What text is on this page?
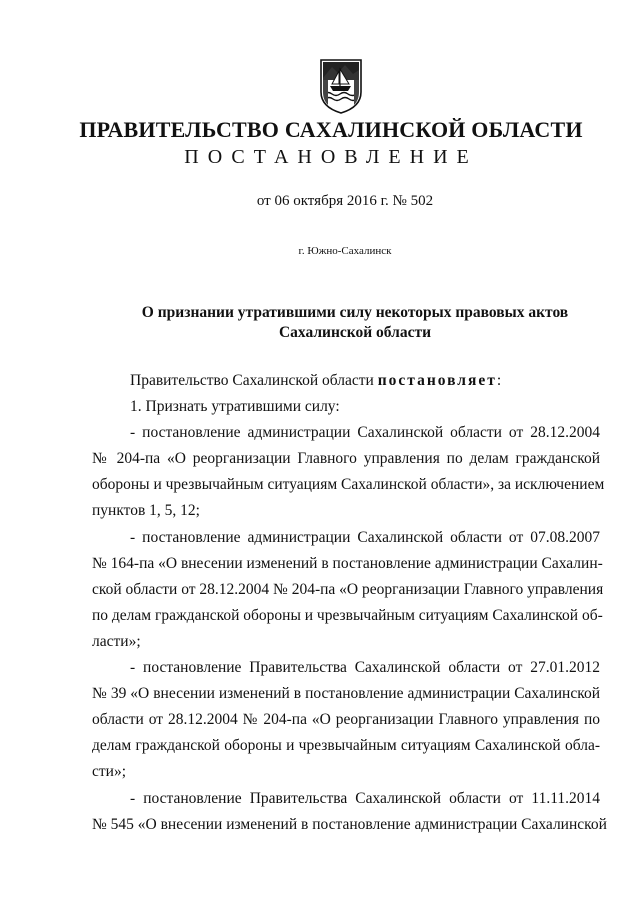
ПРАВИТЕЛЬСТВО САХАЛИНСКОЙ ОБЛАСТИ
ПОСТАНОВЛЕНИЕ
от 06 октября 2016 г. № 502
г. Южно-Сахалинск
О признании утратившими силу некоторых правовых актов
Сахалинской области

Правительство Сахалинской области постановляет:

1. Признать утратившими силу:

- постановление администрации Сахалинской области от 28.12.2004
№ 204-па «О реорганизации Главного управления по делам гражданской
обороны и чрезвычайным ситуациям Сахалинской области», за исключением
пунктов 1, 5, 12;
- постановление администрации Сахалинской области от 07.08.2007
№ 164-па «О внесении изменений в постановление администрации Сахалин-
ской области от 28.12.2004 № 204-па «О реорганизации Главного управления
по делам гражданской обороны и чрезвычайным ситуациям Сахалинской об-
ласти»;
- постановление Правительства Сахалинской области от 27.01.2012
№ 39 «О внесении изменений в постановление администрации Сахалинской
области от 28.12.2004 № 204-па «О реорганизации Главного управления по
делам гражданской обороны и чрезвычайным ситуациям Сахалинской обла-
сти»;
- постановление Правительства Сахалинской области от 11.11.2014
№ 545 «О внесении изменений в постановление администрации Сахалинской
